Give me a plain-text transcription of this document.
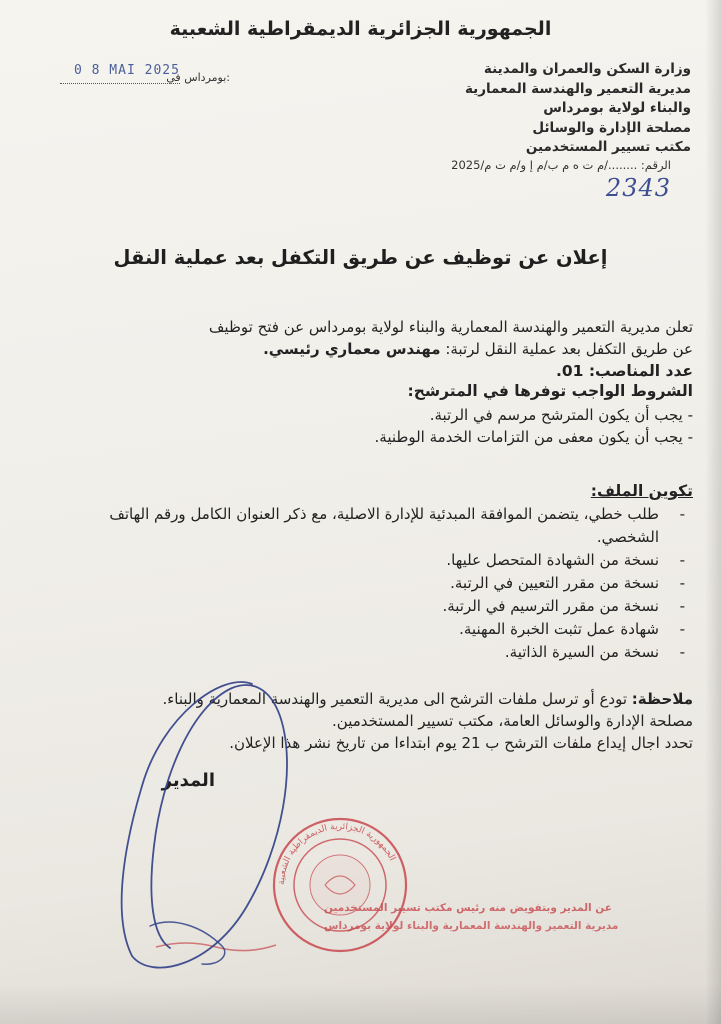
الجمهورية الجزائرية الديمقراطية الشعبية
وزارة السكن والعمران والمدينة
مديرية التعمير والهندسة المعمارية
والبناء لولاية بومرداس
مصلحة الإدارة والوسائل
مكتب تسيير المستخدمين
بومرداس في:
0 8 MAI 2025
الرقم: ......../م ت ه م ب/م إ و/م ت م/2025
2343
إعلان عن توظيف عن طريق التكفل بعد عملية النقل
تعلن مديرية التعمير والهندسة المعمارية والبناء لولاية بومرداس عن فتح توظيف
عن طريق التكفل بعد عملية النقل لرتبة: مهندس معماري رئيسي.
عدد المناصب: 01.
الشروط الواجب توفرها في المترشح:
- يجب أن يكون المترشح مرسم في الرتبة.
- يجب أن يكون معفى من التزامات الخدمة الوطنية.
تكوين الملف:
- طلب خطي، يتضمن الموافقة المبدئية للإدارة الاصلية، مع ذكر العنوان الكامل ورقم الهاتف الشخصي.
- نسخة من الشهادة المتحصل عليها.
- نسخة من مقرر التعيين في الرتبة.
- نسخة من مقرر الترسيم في الرتبة.
- شهادة عمل تثبت الخبرة المهنية.
- نسخة من السيرة الذاتية.
ملاحظة: تودع أو ترسل ملفات الترشح الى مديرية التعمير والهندسة المعمارية والبناء.
مصلحة الإدارة والوسائل العامة، مكتب تسيير المستخدمين.
تحدد اجال إيداع ملفات الترشح ب 21 يوم ابتداءا من تاريخ نشر هذا الإعلان.
المدير
الجمهورية الجزائرية الديمقراطية الشعبية
عن المدير وبتفويض منه رئيس مكتب تسيير المستخدمين
مديرية التعمير والهندسة المعمارية والبناء لولاية بومرداس
